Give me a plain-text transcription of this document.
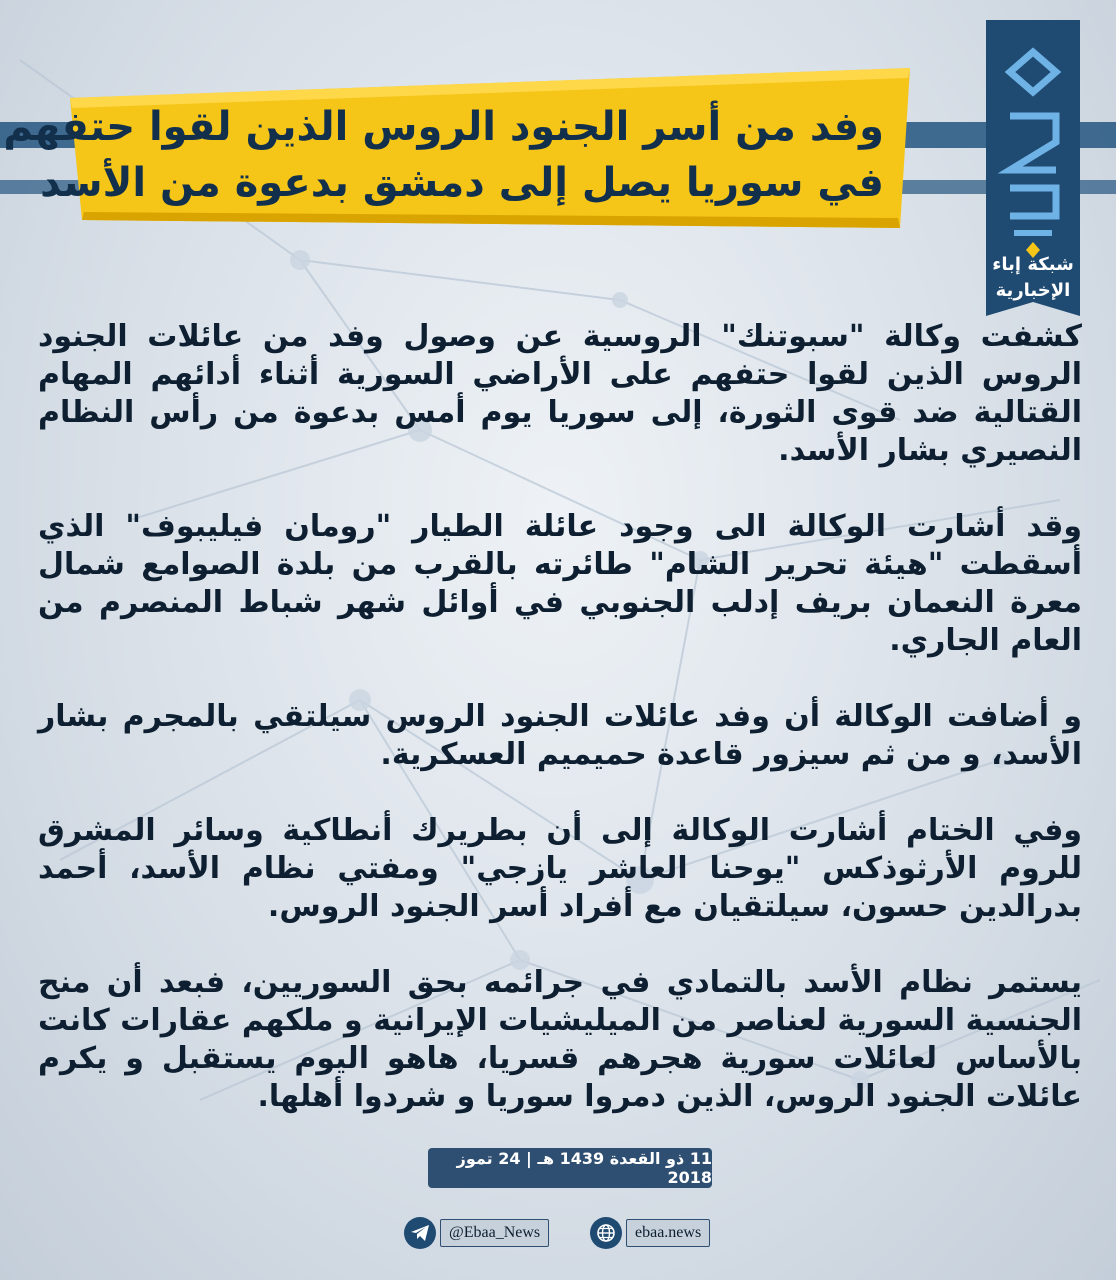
وفد من أسر الجنود الروس الذين لقوا حتفهم
في سوريا يصل إلى دمشق بدعوة من الأسد
شبكة إباء
الإخبارية

كشفت وكالة "سبوتنك" الروسية عن وصول وفد من عائلات الجنود الروس الذين لقوا حتفهم على الأراضي السورية أثناء أدائهم المهام القتالية ضد قوى الثورة، إلى سوريا يوم أمس بدعوة من رأس النظام النصيري بشار الأسد.

وقد أشارت الوكالة الى وجود عائلة الطيار "رومان فيليبوف" الذي أسقطت "هيئة تحرير الشام" طائرته بالقرب من بلدة الصوامع شمال معرة النعمان بريف إدلب الجنوبي في أوائل شهر شباط المنصرم من العام الجاري.

و أضافت الوكالة أن وفد عائلات الجنود الروس سيلتقي بالمجرم بشار الأسد، و من ثم سيزور قاعدة حميميم العسكرية.

وفي الختام أشارت الوكالة إلى أن بطريرك أنطاكية وسائر المشرق للروم الأرثوذكس "يوحنا العاشر يازجي" ومفتي نظام الأسد، أحمد بدرالدين حسون، سيلتقيان مع أفراد أسر الجنود الروس.

يستمر نظام الأسد بالتمادي في جرائمه بحق السوريين، فبعد أن منح الجنسية السورية لعناصر من الميليشيات الإيرانية و ملكهم عقارات كانت بالأساس لعائلات سورية هجرهم قسريا، هاهو اليوم يستقبل و يكرم عائلات الجنود الروس، الذين دمروا سوريا و شردوا أهلها.

11 ذو القعدة 1439 هـ | 24 تموز 2018
@Ebaa_News	ebaa.news
